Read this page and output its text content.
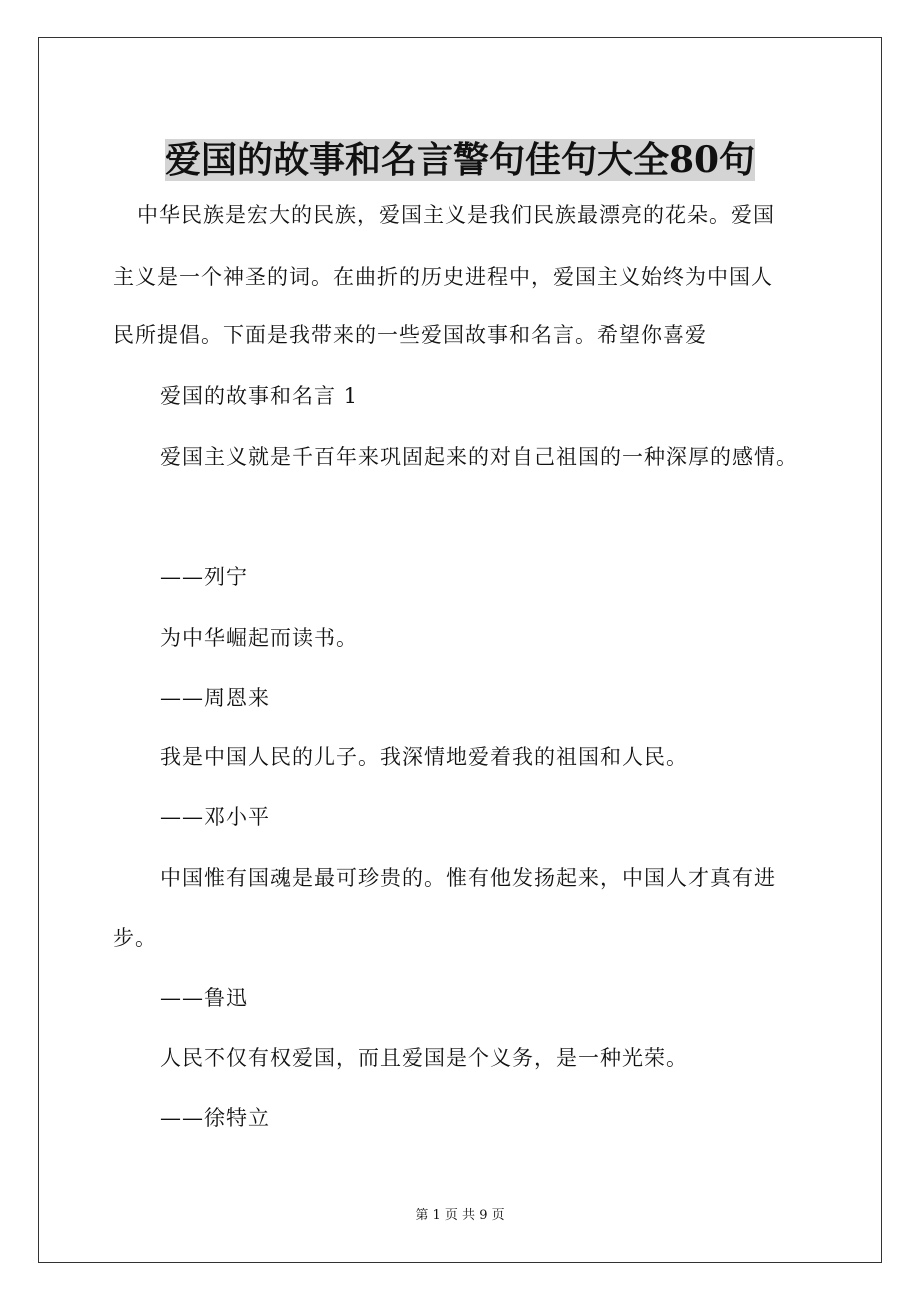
爱国的故事和名言警句佳句大全80句
中华民族是宏大的民族，爱国主义是我们民族最漂亮的花朵。爱国
主义是一个神圣的词。在曲折的历史进程中，爱国主义始终为中国人
民所提倡。下面是我带来的一些爱国故事和名言。希望你喜爱
爱国的故事和名言 1
爱国主义就是千百年来巩固起来的对自己祖国的一种深厚的感情。
——列宁
为中华崛起而读书。
——周恩来
我是中国人民的儿子。我深情地爱着我的祖国和人民。
——邓小平
中国惟有国魂是最可珍贵的。惟有他发扬起来，中国人才真有进
步。
——鲁迅
人民不仅有权爱国，而且爱国是个义务，是一种光荣。
——徐特立
第 1 页 共 9 页
